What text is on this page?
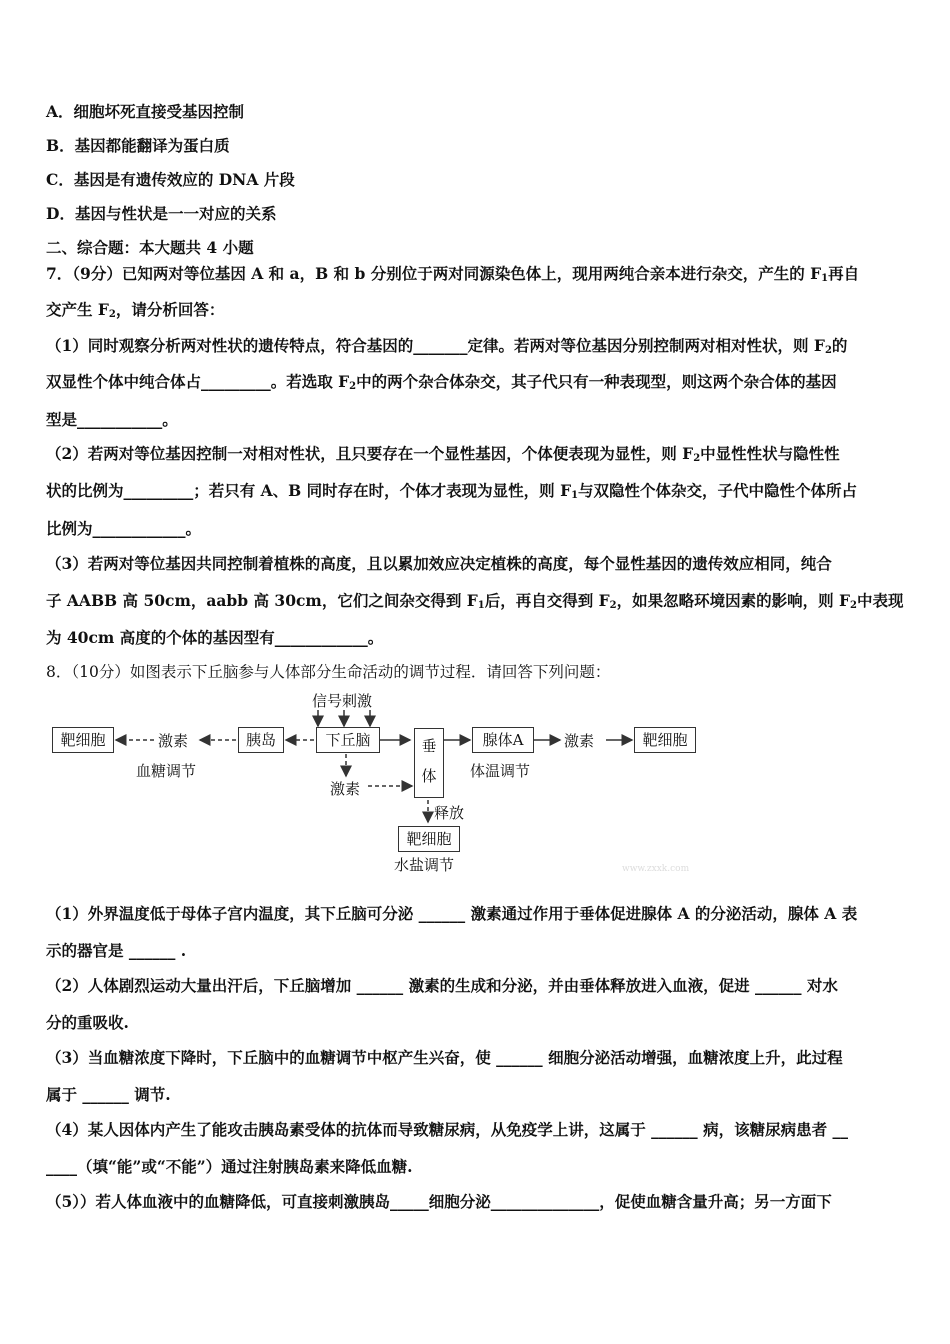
A．细胞坏死直接受基因控制
B．基因都能翻译为蛋白质
C．基因是有遗传效应的 DNA 片段
D．基因与性状是一一对应的关系
二、综合题：本大题共 4 小题
7．（9分）已知两对等位基因 A 和 a，B 和 b 分别位于两对同源染色体上，现用两纯合亲本进行杂交，产生的 $F_1$再自
交产生 $F_2$，请分析回答：
（1）同时观察分析两对性状的遗传特点，符合基因的_______定律。若两对等位基因分别控制两对相对性状，则 $F_2$的
双显性个体中纯合体占_________。若选取 $F_2$中的两个杂合体杂交，其子代只有一种表现型，则这两个杂合体的基因
型是___________。
（2）若两对等位基因控制一对相对性状，且只要存在一个显性基因，个体便表现为显性，则 $F_2$中显性性状与隐性性
状的比例为_________；若只有 A、B 同时存在时，个体才表现为显性，则 $F_1$与双隐性个体杂交，子代中隐性个体所占
比例为____________。
（3）若两对等位基因共同控制着植株的高度，且以累加效应决定植株的高度，每个显性基因的遗传效应相同，纯合
子 AABB 高 50cm，aabb 高 30cm，它们之间杂交得到 $F_1$后，再自交得到 $F_2$，如果忽略环境因素的影响，则 $F_2$中表现
为 40cm 高度的个体的基因型有____________。
8．（10分）如图表示下丘脑参与人体部分生命活动的调节过程．请回答下列问题：
信号刺激
靶细胞	激素	胰岛	下丘脑	垂
体
腺体A	激素	靶细胞
血糖调节	体温调节
激素
释放
靶细胞
水盐调节	www.zxxk.com
（1）外界温度低于母体子宫内温度，其下丘脑可分泌 ______ 激素通过作用于垂体促进腺体 A 的分泌活动，腺体 A 表
示的器官是 ______ .
（2）人体剧烈运动大量出汗后，下丘脑增加 ______ 激素的生成和分泌，并由垂体释放进入血液，促进 ______ 对水
分的重吸收.
（3）当血糖浓度下降时，下丘脑中的血糖调节中枢产生兴奋，使 ______ 细胞分泌活动增强，血糖浓度上升，此过程
属于 ______ 调节.
（4）某人因体内产生了能攻击胰岛素受体的抗体而导致糖尿病，从免疫学上讲，这属于 ______ 病，该糖尿病患者 __
____（填“能”或“不能”）通过注射胰岛素来降低血糖.
（5））若人体血液中的血糖降低，可直接刺激胰岛_____细胞分泌______________，促使血糖含量升高；另一方面下
